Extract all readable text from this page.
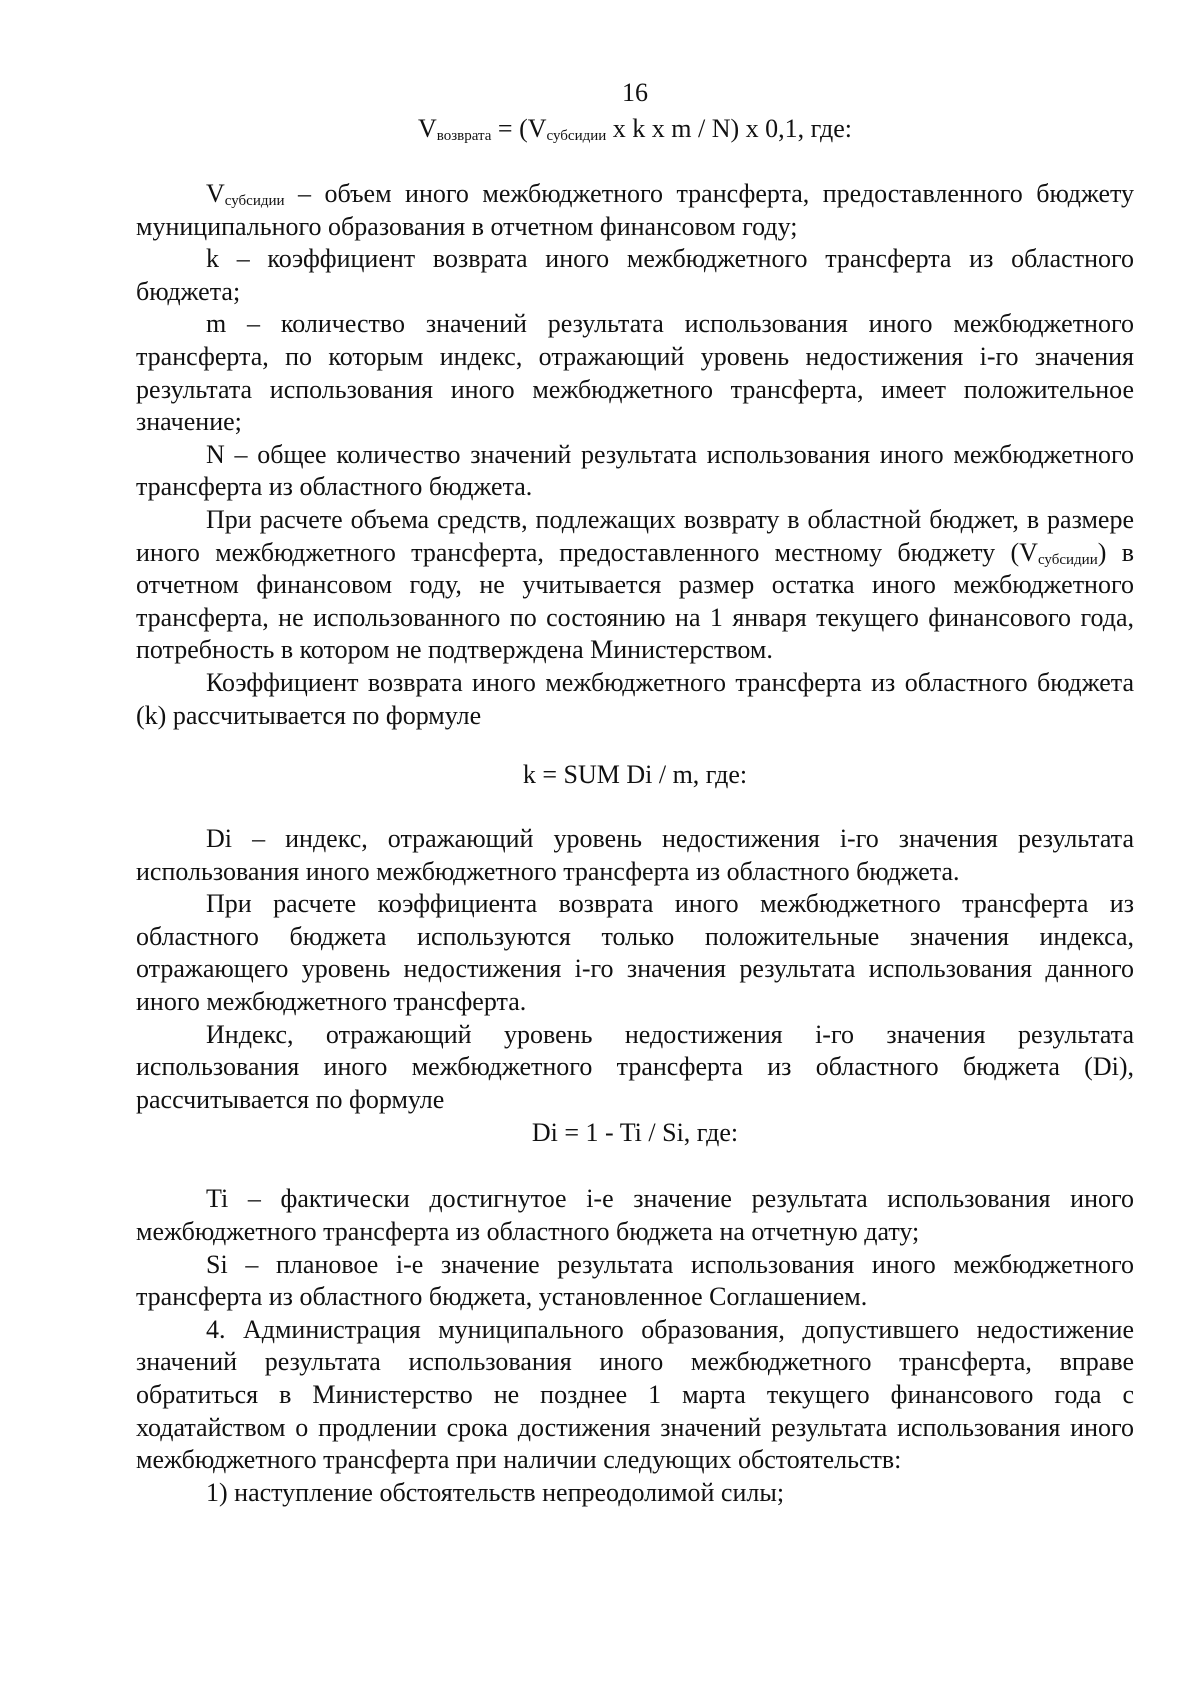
16
$V_{возврата} = (V_{субсидии}$ x k x m / N) x 0,1, где:

$V_{субсидии}$ – объем иного межбюджетного трансферта, предоставленного бюджету муниципального образования в отчетном финансовом году;

k – коэффициент возврата иного межбюджетного трансферта из областного бюджета;

m – количество значений результата использования иного межбюджетного трансферта, по которым индекс, отражающий уровень недостижения i-го значения результата использования иного межбюджетного трансферта, имеет положительное значение;

N – общее количество значений результата использования иного межбюджетного трансферта из областного бюджета.

При расчете объема средств, подлежащих возврату в областной бюджет, в размере иного межбюджетного трансферта, предоставленного местному бюджету $(V_{субсидии})$ в отчетном финансовом году, не учитывается размер остатка иного межбюджетного трансферта, не использованного по состоянию на 1 января текущего финансового года, потребность в котором не подтверждена Министерством.

Коэффициент возврата иного межбюджетного трансферта из областного бюджета (k) рассчитывается по формуле

k = SUM Di / m, где:

Di – индекс, отражающий уровень недостижения i-го значения результата использования иного межбюджетного трансферта из областного бюджета.

При расчете коэффициента возврата иного межбюджетного трансферта из областного бюджета используются только положительные значения индекса, отражающего уровень недостижения i-го значения результата использования данного иного межбюджетного трансферта.

Индекс, отражающий уровень недостижения i-го значения результата использования иного межбюджетного трансферта из областного бюджета (Di), рассчитывается по формуле

Di = 1 - Ti / Si, где:

Ti – фактически достигнутое i-е значение результата использования иного межбюджетного трансферта из областного бюджета на отчетную дату;

Si – плановое i-е значение результата использования иного межбюджетного трансферта из областного бюджета, установленное Соглашением.

4. Администрация муниципального образования, допустившего недостижение значений результата использования иного межбюджетного трансферта, вправе обратиться в Министерство не позднее 1 марта текущего финансового года с ходатайством о продлении срока достижения значений результата использования иного межбюджетного трансферта при наличии следующих обстоятельств:

1) наступление обстоятельств непреодолимой силы;
